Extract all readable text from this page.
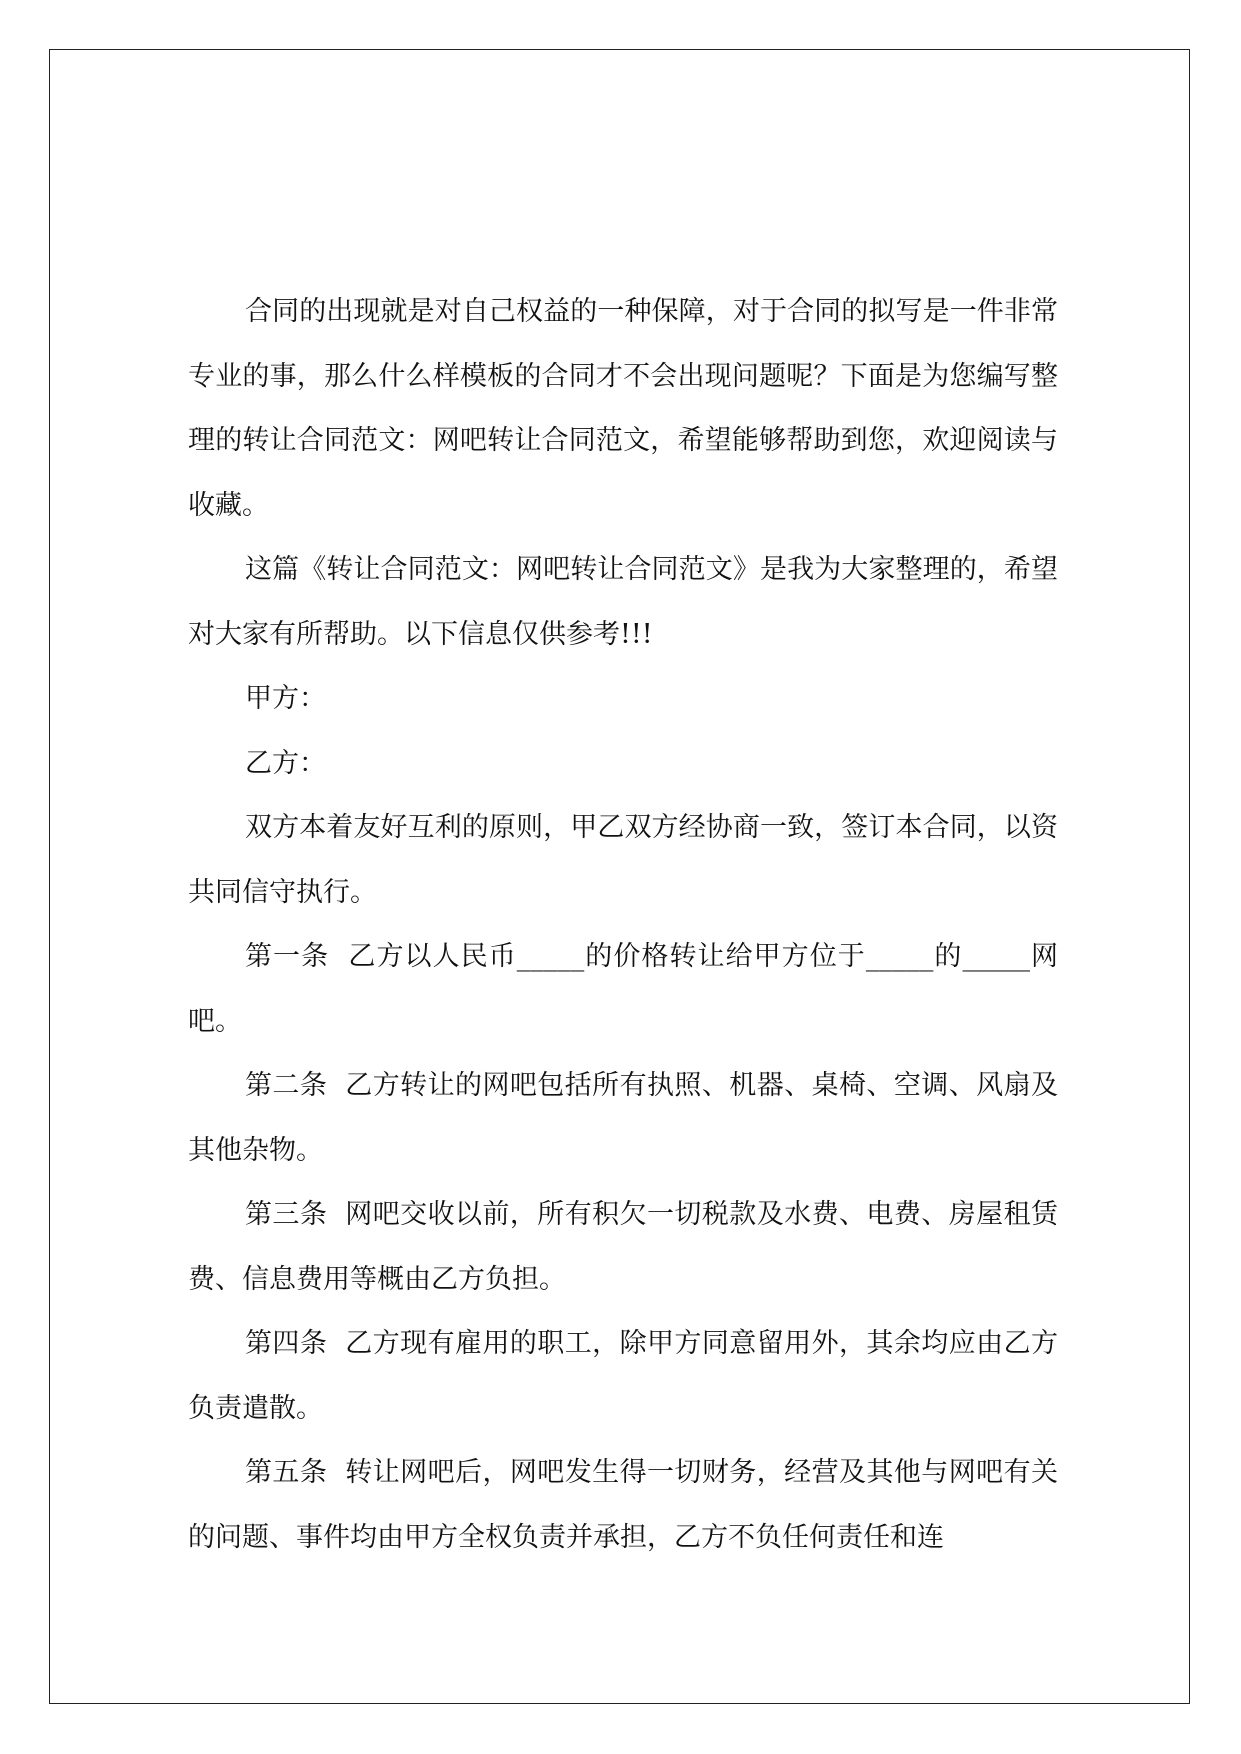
合同的出现就是对自己权益的一种保障，对于合同的拟写是一件非常专业的事，那么什么样模板的合同才不会出现问题呢？下面是为您编写整理的转让合同范文：网吧转让合同范文，希望能够帮助到您，欢迎阅读与收藏。

这篇《转让合同范文：网吧转让合同范文》是我为大家整理的，希望对大家有所帮助。以下信息仅供参考!!!

甲方：

乙方：

双方本着友好互利的原则，甲乙双方经协商一致，签订本合同，以资共同信守执行。

第一条  乙方以人民币_____的价格转让给甲方位于_____的_____网吧。

第二条  乙方转让的网吧包括所有执照、机器、桌椅、空调、风扇及其他杂物。

第三条  网吧交收以前，所有积欠一切税款及水费、电费、房屋租赁费、信息费用等概由乙方负担。

第四条  乙方现有雇用的职工，除甲方同意留用外，其余均应由乙方负责遣散。

第五条  转让网吧后，网吧发生得一切财务，经营及其他与网吧有关的问题、事件均由甲方全权负责并承担，乙方不负任何责任和连
